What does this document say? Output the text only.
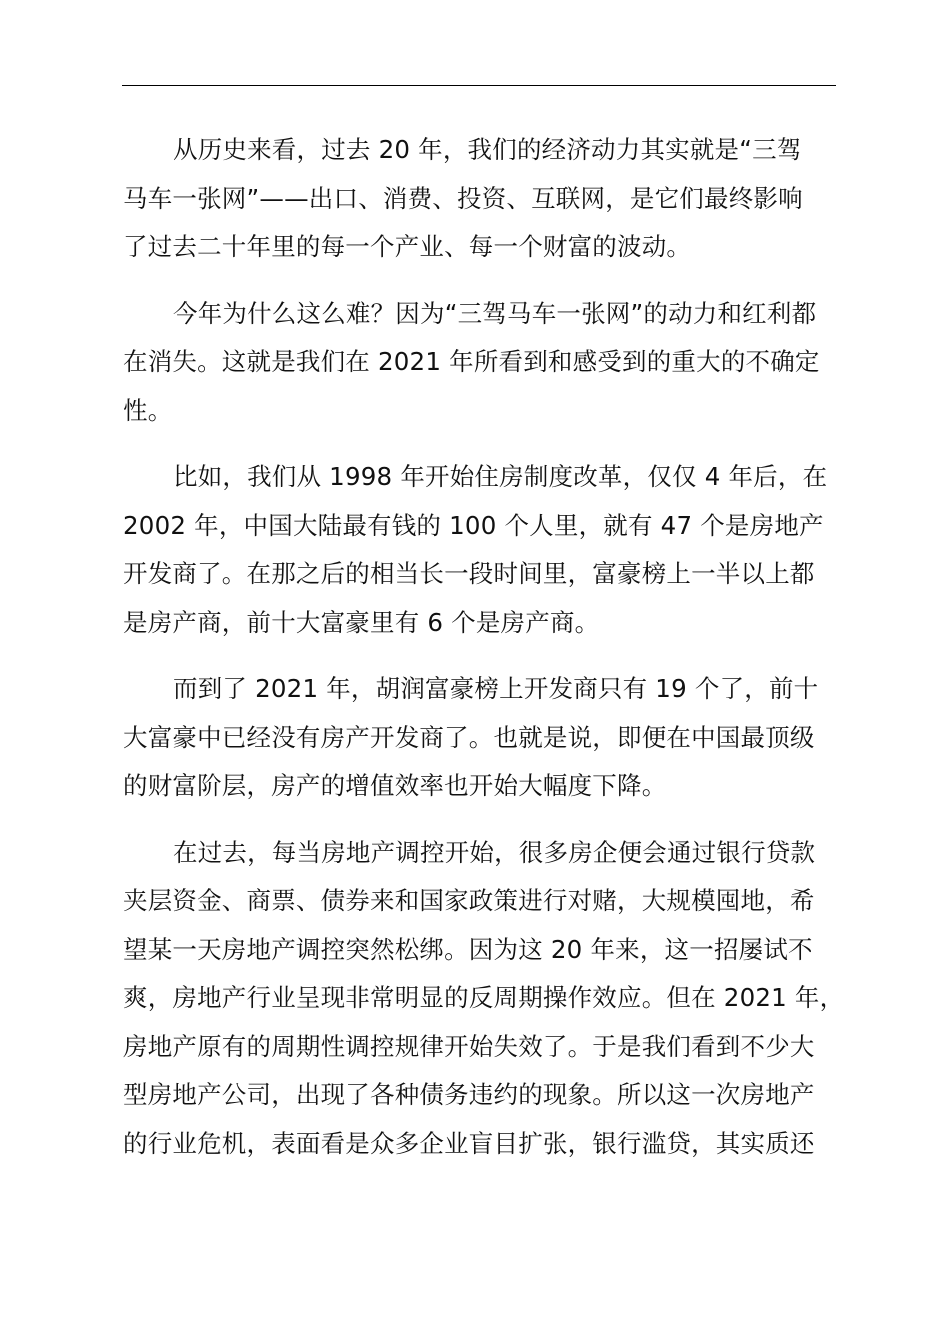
从历史来看，过去 20 年，我们的经济动力其实就是“三驾
马车一张网”——出口、消费、投资、互联网，是它们最终影响
了过去二十年里的每一个产业、每一个财富的波动。
今年为什么这么难？因为“三驾马车一张网”的动力和红利都
在消失。这就是我们在 2021 年所看到和感受到的重大的不确定
性。
比如，我们从 1998 年开始住房制度改革，仅仅 4 年后，在
2002 年，中国大陆最有钱的 100 个人里，就有 47 个是房地产
开发商了。在那之后的相当长一段时间里，富豪榜上一半以上都
是房产商，前十大富豪里有 6 个是房产商。
而到了 2021 年，胡润富豪榜上开发商只有 19 个了，前十
大富豪中已经没有房产开发商了。也就是说，即便在中国最顶级
的财富阶层，房产的增值效率也开始大幅度下降。
在过去，每当房地产调控开始，很多房企便会通过银行贷款
夹层资金、商票、债券来和国家政策进行对赌，大规模囤地，希
望某一天房地产调控突然松绑。因为这 20 年来，这一招屡试不
爽，房地产行业呈现非常明显的反周期操作效应。但在 2021 年，
房地产原有的周期性调控规律开始失效了。于是我们看到不少大
型房地产公司，出现了各种债务违约的现象。所以这一次房地产
的行业危机，表面看是众多企业盲目扩张，银行滥贷，其实质还
